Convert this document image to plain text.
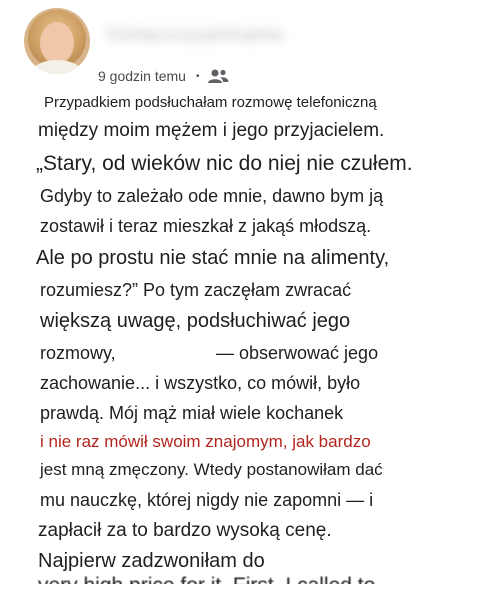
Yomeccusartname
9 godzin temu •
Przypadkiem podsłuchałam rozmowę telefoniczną
między moim mężem i jego przyjacielem.
„Stary, od wieków nic do niej nie czułem.
Gdyby to zależało ode mnie, dawno bym ją
zostawił i teraz mieszkał z jakąś młodszą.
Ale po prostu nie stać mnie na alimenty,
rozumiesz?” Po tym zaczęłam zwracać
większą uwagę, podsłuchiwać jego
rozmowy,	— obserwować jego
zachowanie... i wszystko, co mówił, było
prawdą. Mój mąż miał wiele kochanek
i nie raz mówił swoim znajomym, jak bardzo
jest mną zmęczony. Wtedy postanowiłam dać
mu nauczkę, której nigdy nie zapomni — i
zapłacił za to bardzo wysoką cenę.
Najpierw zadzwoniłam do
